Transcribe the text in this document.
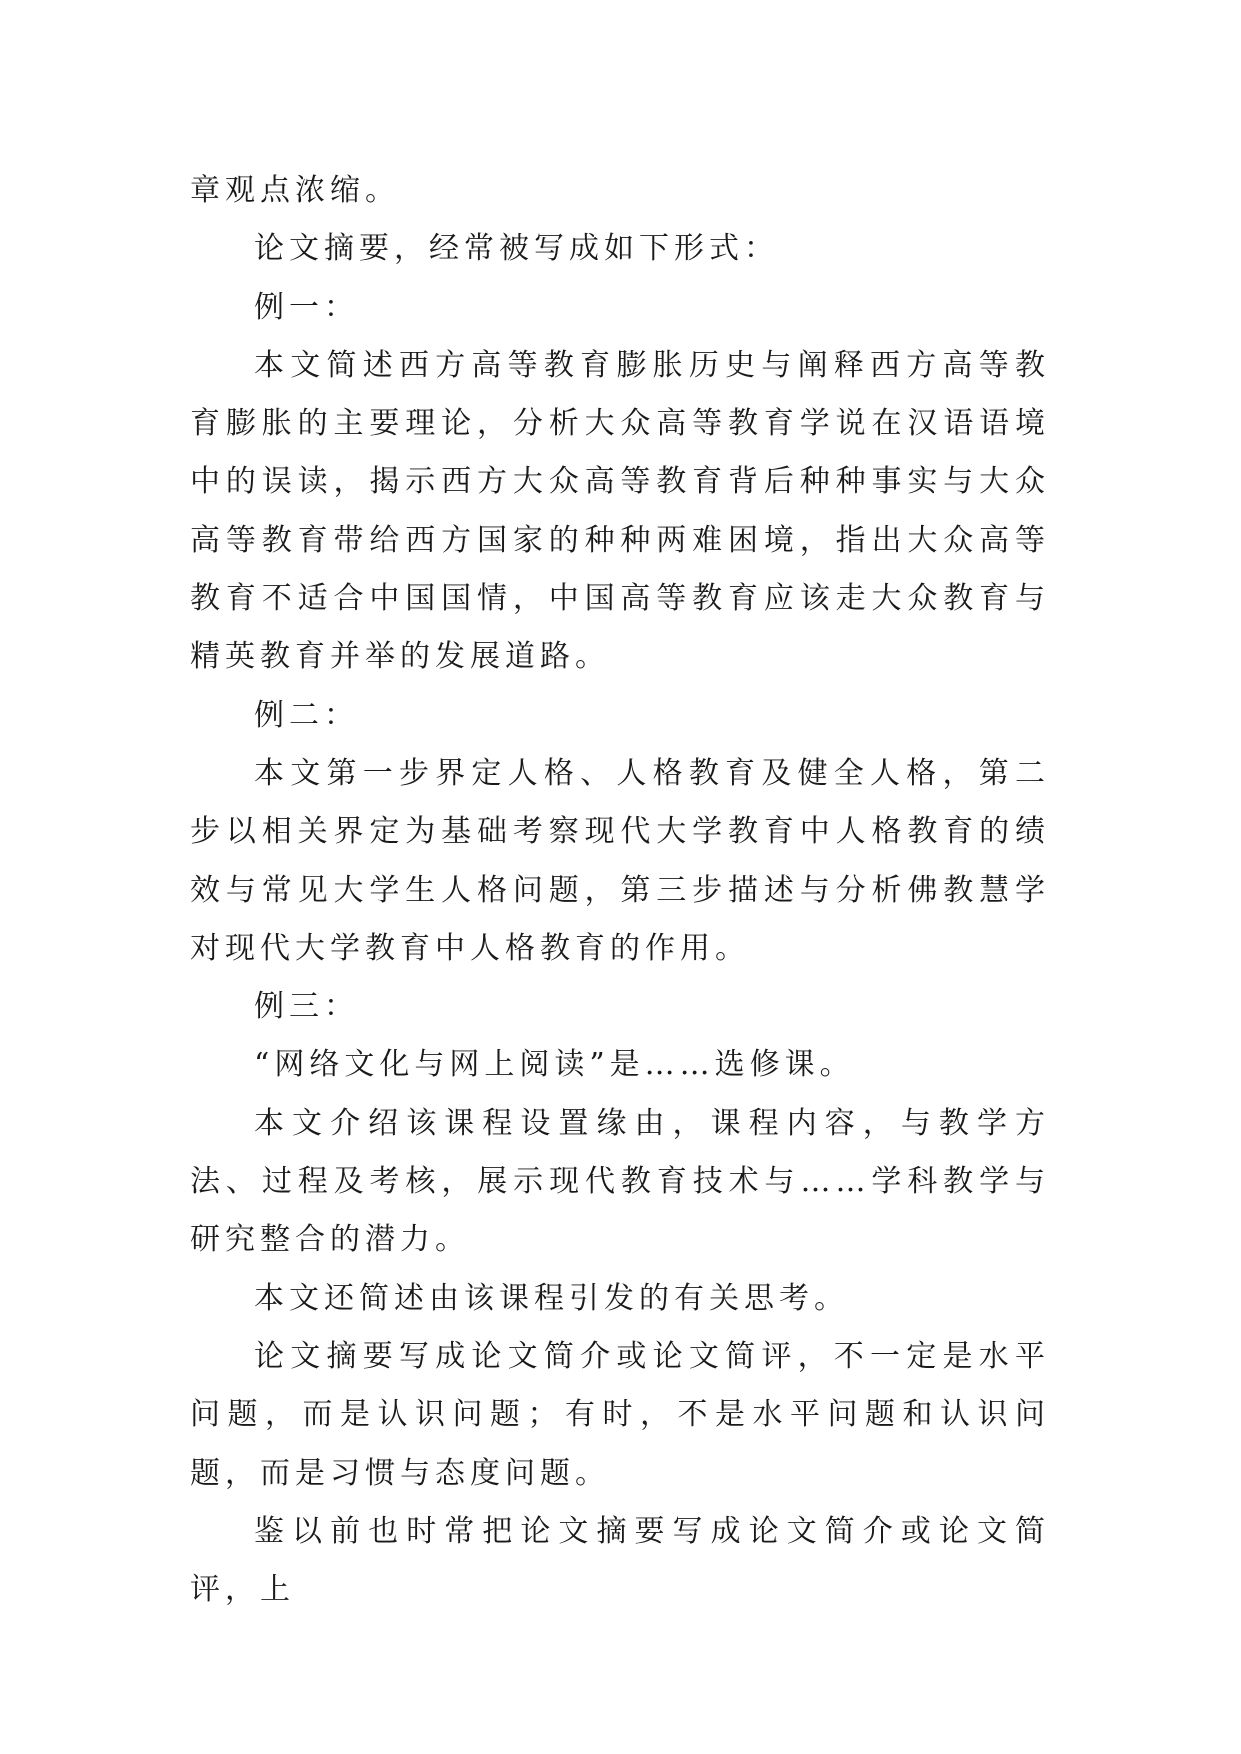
章观点浓缩。

论文摘要，经常被写成如下形式：

例一：

本文简述西方高等教育膨胀历史与阐释西方高等教育膨胀的主要理论，分析大众高等教育学说在汉语语境中的误读，揭示西方大众高等教育背后种种事实与大众高等教育带给西方国家的种种两难困境，指出大众高等教育不适合中国国情，中国高等教育应该走大众教育与精英教育并举的发展道路。

例二：

本文第一步界定人格、人格教育及健全人格，第二步以相关界定为基础考察现代大学教育中人格教育的绩效与常见大学生人格问题，第三步描述与分析佛教慧学对现代大学教育中人格教育的作用。

例三：

“网络文化与网上阅读”是……选修课。

本文介绍该课程设置缘由，课程内容，与教学方法、过程及考核，展示现代教育技术与……学科教学与研究整合的潜力。

本文还简述由该课程引发的有关思考。

论文摘要写成论文简介或论文简评，不一定是水平问题，而是认识问题；有时，不是水平问题和认识问题，而是习惯与态度问题。

鉴以前也时常把论文摘要写成论文简介或论文简评，上
